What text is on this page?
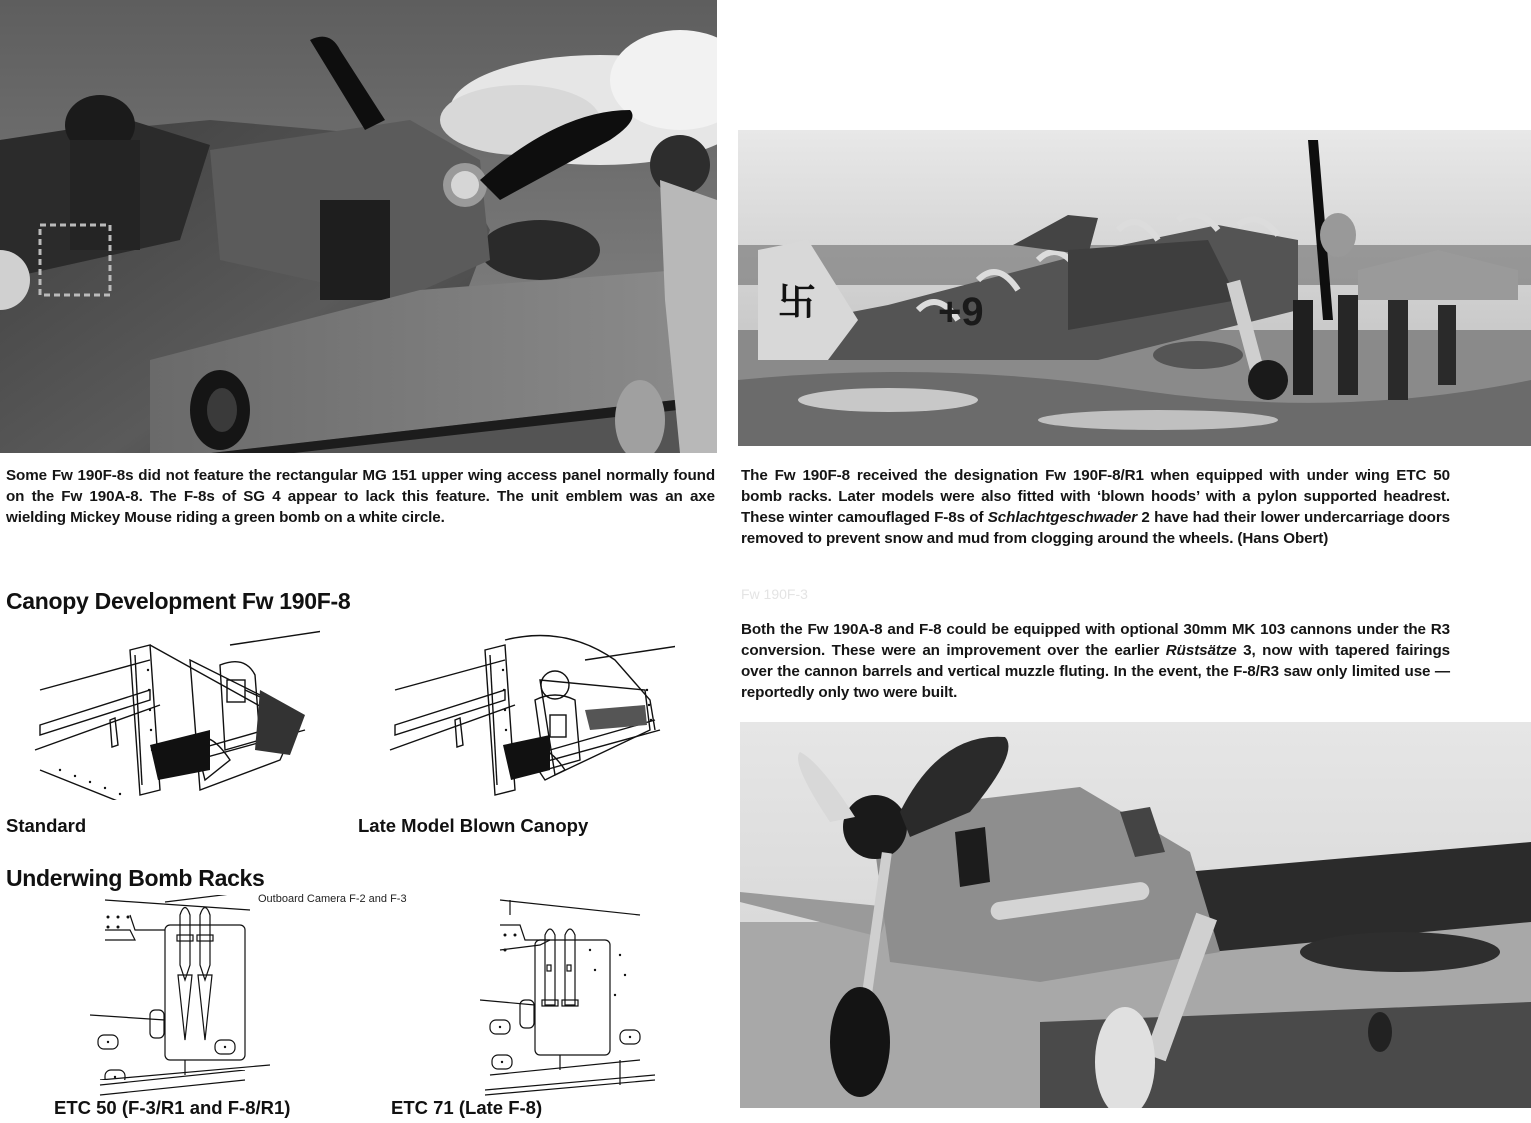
Some Fw 190F-8s did not feature the rectangular MG 151 upper wing access panel normally found on the Fw 190A-8. The F-8s of SG 4 appear to lack this feature. The unit emblem was an axe wielding Mickey Mouse riding a green bomb on a white circle.
卐	+9
The Fw 190F-8 received the designation Fw 190F-8/R1 when equipped with under wing ETC 50 bomb racks. Later models were also fitted with ‘blown hoods’ with a pylon supported headrest. These winter camouflaged F-8s of Schlachtgeschwader 2 have had their lower undercarriage doors removed to prevent snow and mud from clogging around the wheels. (Hans Obert)
Fw 190F-3
Both the Fw 190A-8 and F-8 could be equipped with optional 30mm MK 103 cannons under the R3 conversion. These were an improvement over the earlier Rüstsätze 3, now with tapered fairings over the cannon barrels and vertical muzzle fluting. In the event, the F-8/R3 saw only limited use — reportedly only two were built.
Canopy Development Fw 190F-8
Standard	Late Model Blown Canopy
Underwing Bomb Racks
Outboard Camera F-2 and F-3
ETC 50 (F-3/R1 and F-8/R1)	ETC 71 (Late F-8)
